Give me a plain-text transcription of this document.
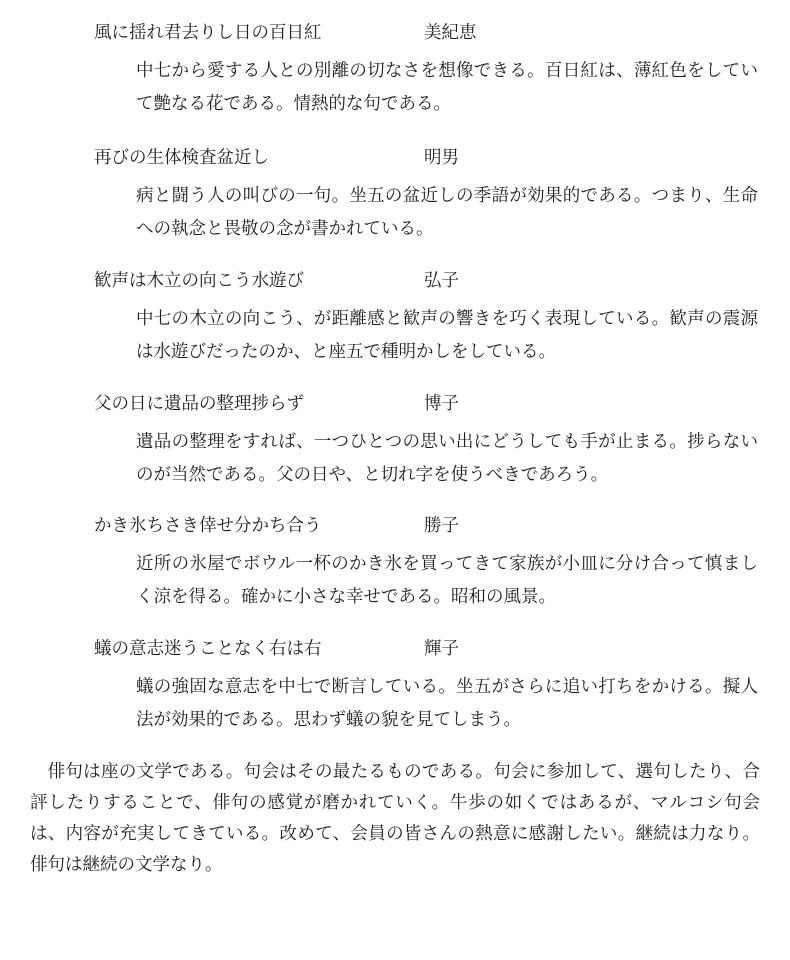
風に揺れ君去りし日の百日紅	美紀恵
中七から愛する人との別離の切なさを想像できる。百日紅は、薄紅色をしていて艶なる花である。情熱的な句である。
再びの生体検査盆近し	明男
病と闘う人の叫びの一句。坐五の盆近しの季語が効果的である。つまり、生命への執念と畏敬の念が書かれている。
歓声は木立の向こう水遊び	弘子
中七の木立の向こう、が距離感と歓声の響きを巧く表現している。歓声の震源は水遊びだったのか、と座五で種明かしをしている。
父の日に遺品の整理捗らず	博子
遺品の整理をすれば、一つひとつの思い出にどうしても手が止まる。捗らないのが当然である。父の日や、と切れ字を使うべきであろう。
かき氷ちさき倖せ分かち合う	勝子
近所の氷屋でボウル一杯のかき氷を買ってきて家族が小皿に分け合って慎ましく涼を得る。確かに小さな幸せである。昭和の風景。
蟻の意志迷うことなく右は右	輝子
蟻の強固な意志を中七で断言している。坐五がさらに追い打ちをかける。擬人法が効果的である。思わず蟻の貌を見てしまう。

俳句は座の文学である。句会はその最たるものである。句会に参加して、選句したり、合評したりすることで、俳句の感覚が磨かれていく。牛歩の如くではあるが、マルコシ句会は、内容が充実してきている。改めて、会員の皆さんの熱意に感謝したい。継続は力なり。俳句は継続の文学なり。
